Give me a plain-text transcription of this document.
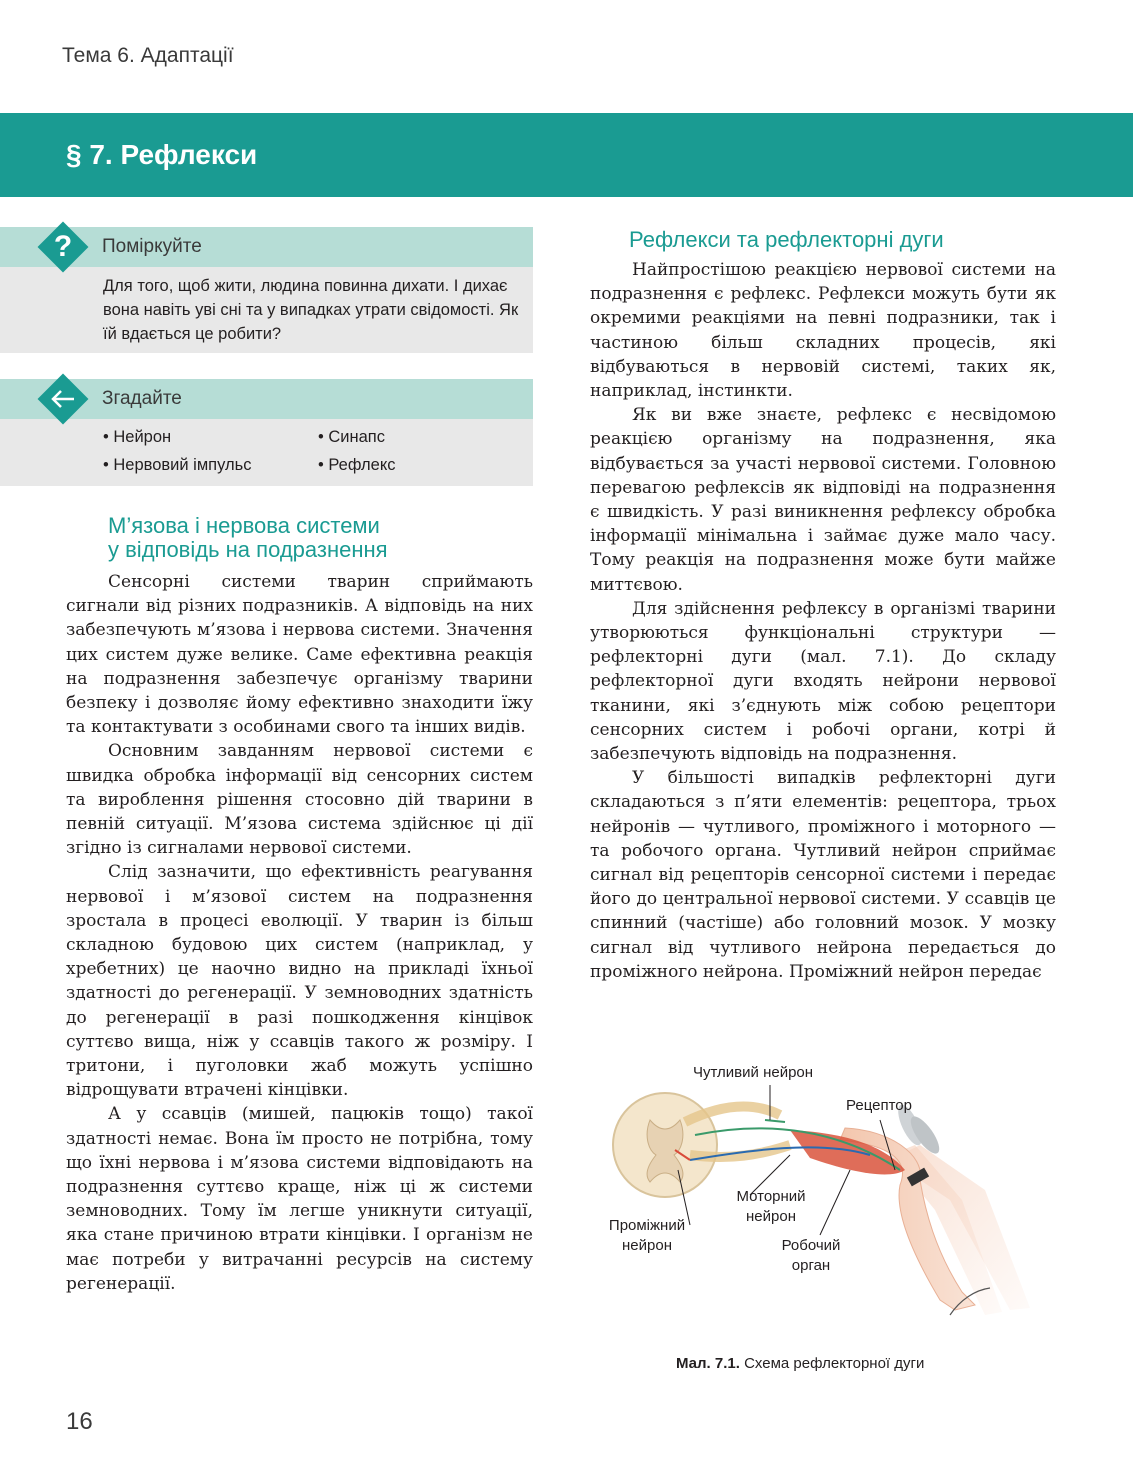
Тема 6. Адаптації
§ 7. Рефлекси
?	Поміркуйте

Для того, щоб жити, людина повинна дихати. І дихає вона навіть уві сні та у випадках утрати свідомості. Як їй вдається це робити?

Згадайте
• Нейрон	• Синапс
• Нервовий імпульс	• Рефлекс
М’язова і нервова системи
у відповідь на подразнення

Сенсорні системи тварин сприймають сигнали від різних подразників. А відповідь на них забезпечують м’язова і нервова системи. Значення цих систем дуже велике. Саме ефективна реакція на подразнення забезпечує організму тварини безпеку і дозволяє йому ефективно знаходити їжу та контактувати з особинами свого та інших видів.

Основним завданням нервової системи є швидка обробка інформації від сенсорних систем та вироблення рішення стосовно дій тварини в певній ситуації. М’язова система здійснює ці дії згідно із сигналами нервової системи.

Слід зазначити, що ефективність реагування нервової і м’язової систем на подразнення зростала в процесі еволюції. У тварин із більш складною будовою цих систем (наприклад, у хребетних) це наочно видно на прикладі їхньої здатності до регенерації. У земноводних здатність до регенерації в разі пошкодження кінцівок суттєво вища, ніж у ссавців такого ж розміру. І тритони, і пуголовки жаб можуть успішно відрощувати втрачені кінцівки.

А у ссавців (мишей, пацюків тощо) такої здатності немає. Вона їм просто не потрібна, тому що їхні нервова і м’язова системи відповідають на подразнення суттєво краще, ніж ці ж системи земноводних. Тому їм легше уникнути ситуації, яка стане причиною втрати кінцівки. І організм не має потреби у витрачанні ресурсів на систему регенерації.

Рефлекси та рефлекторні дуги

Найпростішою реакцією нервової системи на подразнення є рефлекс. Рефлекси можуть бути як окремими реакціями на певні подразники, так і частиною більш складних процесів, які відбуваються в нервовій системі, таких як, наприклад, інстинкти.

Як ви вже знаєте, рефлекс є несвідомою реакцією організму на подразнення, яка відбувається за участі нервової системи. Головною перевагою рефлексів як відповіді на подразнення є швидкість. У разі виникнення рефлексу обробка інформації мінімальна і займає дуже мало часу. Тому реакція на подразнення може бути майже миттєвою.

Для здійснення рефлексу в організмі тварини утворюються функціональні структури — рефлекторні дуги (мал. 7.1). До складу рефлекторної дуги входять нейрони нервової тканини, які з’єднують між собою рецептори сенсорних систем і робочі органи, котрі й забезпечують відповідь на подразнення.

У більшості випадків рефлекторні дуги складаються з п’яти елементів: рецептора, трьох нейронів — чутливого, проміжного і моторного — та робочого органа. Чутливий нейрон сприймає сигнал від рецепторів сенсорної системи і передає його до центральної нервової системи. У ссавців це спинний (частіше) або головний мозок. У мозку сигнал від чутливого нейрона передається до проміжного нейрона. Проміжний нейрон передає

Чутливий нейрон
Рецептор
Моторний
нейрон
Проміжний
нейрон	Робочий
орган
Мал. 7.1. Схема рефлекторної дуги
16
